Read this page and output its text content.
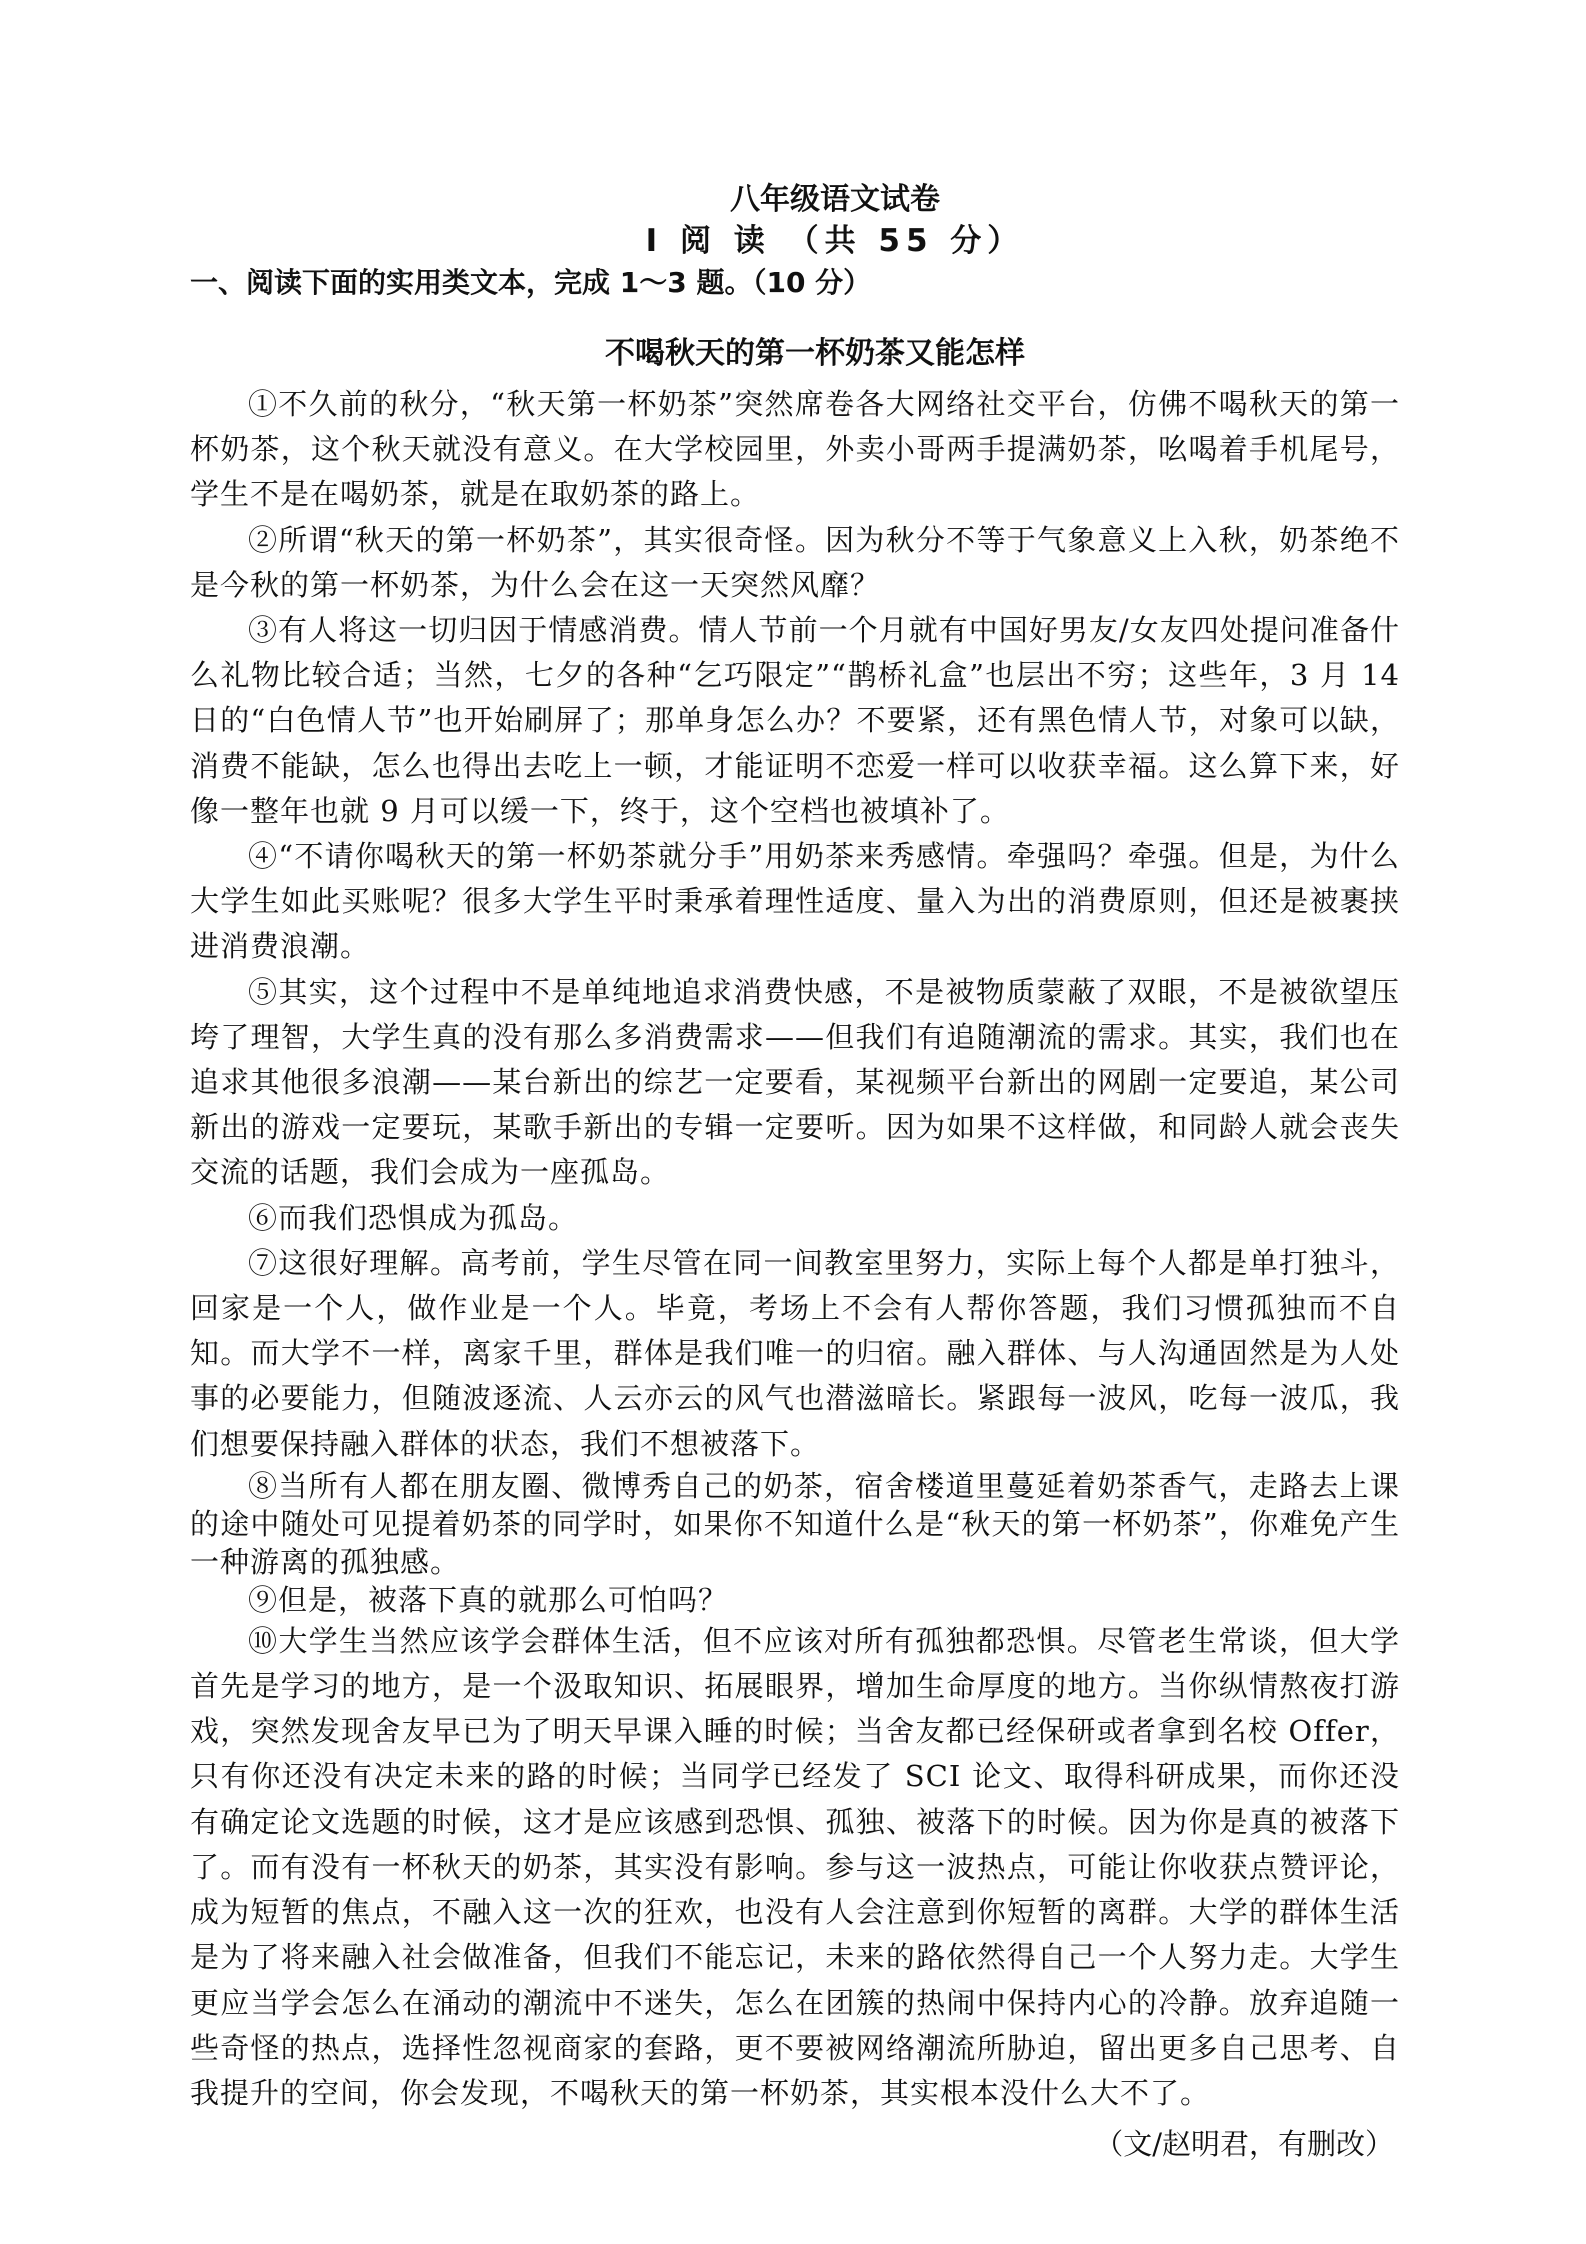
八年级语文试卷
Ⅰ 阅 读 （共 55 分）
一、阅读下面的实用类文本，完成 1～3 题。（10 分）
不喝秋天的第一杯奶茶又能怎样

①不久前的秋分，“秋天第一杯奶茶”突然席卷各大网络社交平台，仿佛不喝秋天的第一杯奶茶，这个秋天就没有意义。在大学校园里，外卖小哥两手提满奶茶，吆喝着手机尾号，学生不是在喝奶茶，就是在取奶茶的路上。

②所谓“秋天的第一杯奶茶”，其实很奇怪。因为秋分不等于气象意义上入秋，奶茶绝不是今秋的第一杯奶茶，为什么会在这一天突然风靡？

③有人将这一切归因于情感消费。情人节前一个月就有中国好男友/女友四处提问准备什么礼物比较合适；当然，七夕的各种“乞巧限定”“鹊桥礼盒”也层出不穷；这些年，3 月 14 日的“白色情人节”也开始刷屏了；那单身怎么办？不要紧，还有黑色情人节，对象可以缺，消费不能缺，怎么也得出去吃上一顿，才能证明不恋爱一样可以收获幸福。这么算下来，好像一整年也就 9 月可以缓一下，终于，这个空档也被填补了。

④“不请你喝秋天的第一杯奶茶就分手”用奶茶来秀感情。牵强吗？牵强。但是，为什么大学生如此买账呢？很多大学生平时秉承着理性适度、量入为出的消费原则，但还是被裹挟进消费浪潮。

⑤其实，这个过程中不是单纯地追求消费快感，不是被物质蒙蔽了双眼，不是被欲望压垮了理智，大学生真的没有那么多消费需求——但我们有追随潮流的需求。其实，我们也在追求其他很多浪潮——某台新出的综艺一定要看，某视频平台新出的网剧一定要追，某公司新出的游戏一定要玩，某歌手新出的专辑一定要听。因为如果不这样做，和同龄人就会丧失交流的话题，我们会成为一座孤岛。

⑥而我们恐惧成为孤岛。

⑦这很好理解。高考前，学生尽管在同一间教室里努力，实际上每个人都是单打独斗，回家是一个人，做作业是一个人。毕竟，考场上不会有人帮你答题，我们习惯孤独而不自知。而大学不一样，离家千里，群体是我们唯一的归宿。融入群体、与人沟通固然是为人处事的必要能力，但随波逐流、人云亦云的风气也潜滋暗长。紧跟每一波风，吃每一波瓜，我们想要保持融入群体的状态，我们不想被落下。

⑧当所有人都在朋友圈、微博秀自己的奶茶，宿舍楼道里蔓延着奶茶香气，走路去上课的途中随处可见提着奶茶的同学时，如果你不知道什么是“秋天的第一杯奶茶”，你难免产生一种游离的孤独感。

⑨但是，被落下真的就那么可怕吗？

⑩大学生当然应该学会群体生活，但不应该对所有孤独都恐惧。尽管老生常谈，但大学首先是学习的地方，是一个汲取知识、拓展眼界，增加生命厚度的地方。当你纵情熬夜打游戏，突然发现舍友早已为了明天早课入睡的时候；当舍友都已经保研或者拿到名校 Offer，只有你还没有决定未来的路的时候；当同学已经发了 SCI 论文、取得科研成果，而你还没有确定论文选题的时候，这才是应该感到恐惧、孤独、被落下的时候。因为你是真的被落下了。而有没有一杯秋天的奶茶，其实没有影响。参与这一波热点，可能让你收获点赞评论，成为短暂的焦点，不融入这一次的狂欢，也没有人会注意到你短暂的离群。大学的群体生活是为了将来融入社会做准备，但我们不能忘记，未来的路依然得自己一个人努力走。大学生更应当学会怎么在涌动的潮流中不迷失，怎么在团簇的热闹中保持内心的冷静。放弃追随一些奇怪的热点，选择性忽视商家的套路，更不要被网络潮流所胁迫，留出更多自己思考、自我提升的空间，你会发现，不喝秋天的第一杯奶茶，其实根本没什么大不了。

（文/赵明君，有删改）
